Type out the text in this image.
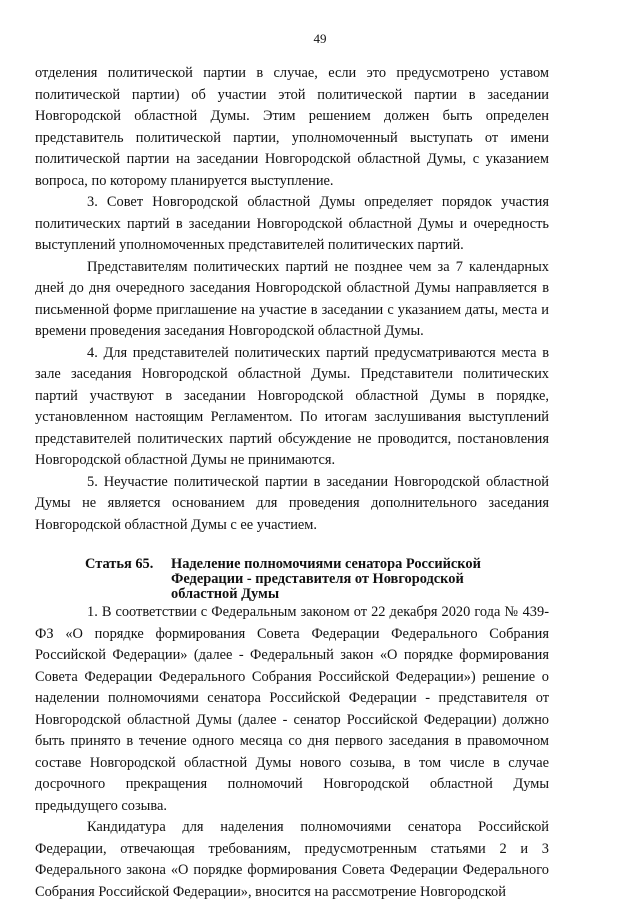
49

отделения политической партии в случае, если это предусмотрено уставом политической партии) об участии этой политической партии в заседании Новгородской областной Думы. Этим решением должен быть определен представитель политической партии, уполномоченный выступать от имени политической партии на заседании Новгородской областной Думы, с указанием вопроса, по которому планируется выступление.

3. Совет Новгородской областной Думы определяет порядок участия политических партий в заседании Новгородской областной Думы и очередность выступлений уполномоченных представителей политических партий.

Представителям политических партий не позднее чем за 7 календарных дней до дня очередного заседания Новгородской областной Думы направляется в письменной форме приглашение на участие в заседании с указанием даты, места и времени проведения заседания Новгородской областной Думы.

4. Для представителей политических партий предусматриваются места в зале заседания Новгородской областной Думы. Представители политических партий участвуют в заседании Новгородской областной Думы в порядке, установленном настоящим Регламентом. По итогам заслушивания выступлений представителей политических партий обсуждение не проводится, постановления Новгородской областной Думы не принимаются.

5. Неучастие политической партии в заседании Новгородской областной Думы не является основанием для проведения дополнительного заседания Новгородской областной Думы с ее участием.

Статья 65.	Наделение полномочиями сенатора Российской Федерации - представителя от Новгородской областной Думы

1. В соответствии с Федеральным законом от 22 декабря 2020 года № 439-ФЗ «О порядке формирования Совета Федерации Федерального Собрания Российской Федерации» (далее - Федеральный закон «О порядке формирования Совета Федерации Федерального Собрания Российской Федерации») решение о наделении полномочиями сенатора Российской Федерации - представителя от Новгородской областной Думы (далее - сенатор Российской Федерации) должно быть принято в течение одного месяца со дня первого заседания в правомочном составе Новгородской областной Думы нового созыва, в том числе в случае досрочного прекращения полномочий Новгородской областной Думы предыдущего созыва.

Кандидатура для наделения полномочиями сенатора Российской Федерации, отвечающая требованиям, предусмотренным статьями 2 и 3 Федерального закона «О порядке формирования Совета Федерации Федерального Собрания Российской Федерации», вносится на рассмотрение Новгородской
